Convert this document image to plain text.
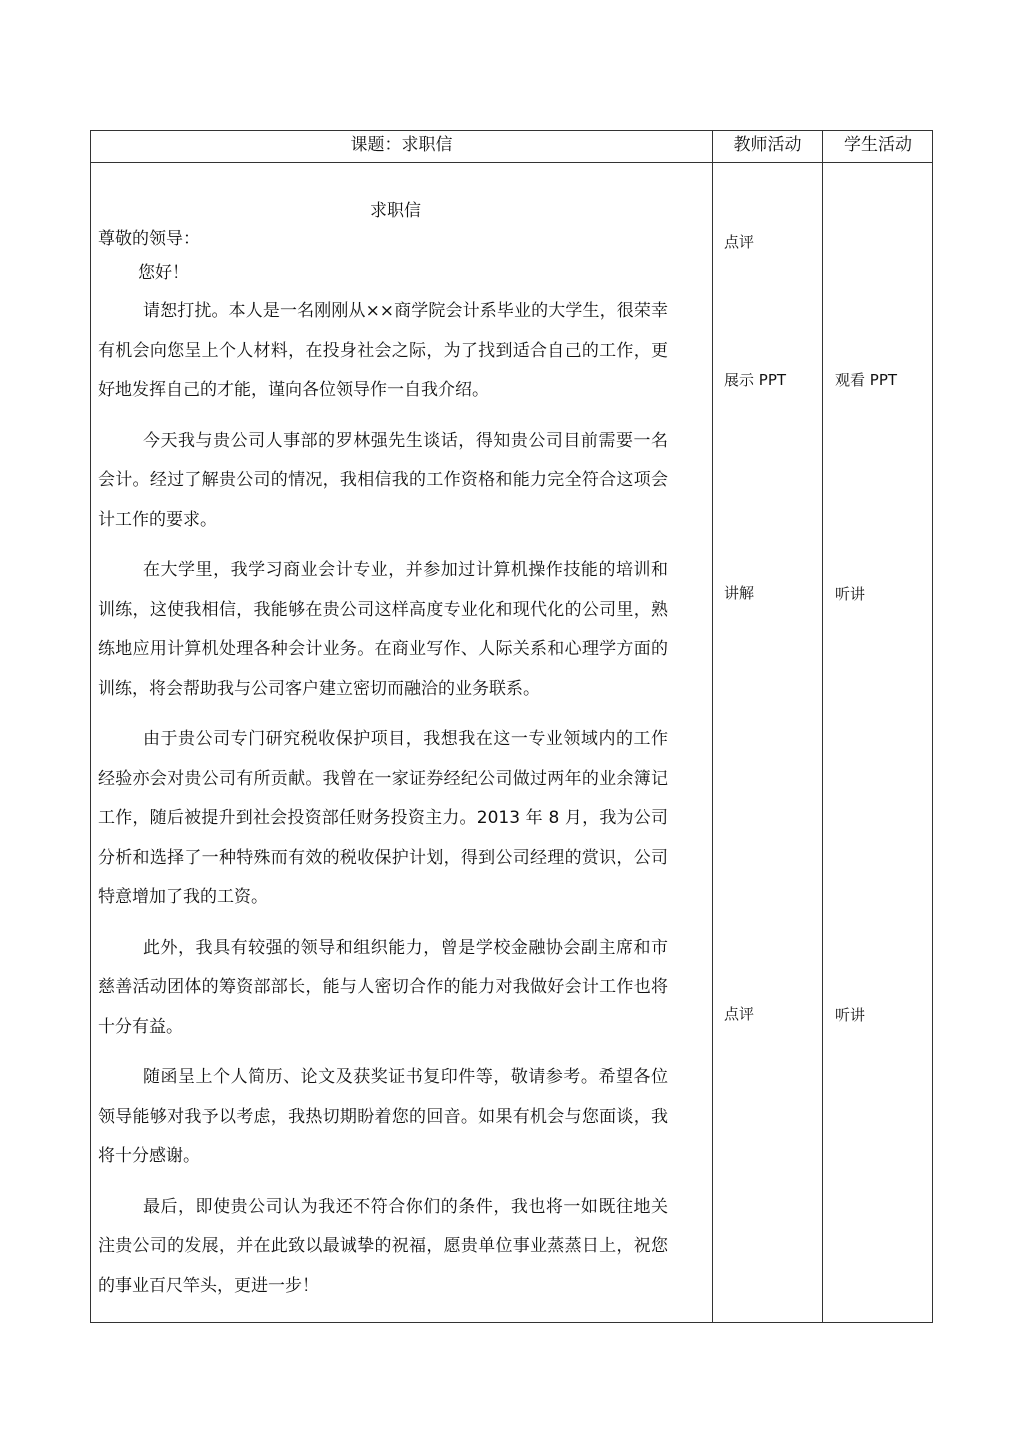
课题：求职信	教师活动	学生活动
求职信
尊敬的领导：

您好！

请恕打扰。本人是一名刚刚从××商学院会计系毕业的大学生，很荣幸有机会向您呈上个人材料，在投身社会之际，为了找到适合自己的工作，更好地发挥自己的才能，谨向各位领导作一自我介绍。

今天我与贵公司人事部的罗林强先生谈话，得知贵公司目前需要一名会计。经过了解贵公司的情况，我相信我的工作资格和能力完全符合这项会计工作的要求。

在大学里，我学习商业会计专业，并参加过计算机操作技能的培训和训练，这使我相信，我能够在贵公司这样高度专业化和现代化的公司里，熟练地应用计算机处理各种会计业务。在商业写作、人际关系和心理学方面的训练，将会帮助我与公司客户建立密切而融洽的业务联系。

由于贵公司专门研究税收保护项目，我想我在这一专业领域内的工作经验亦会对贵公司有所贡献。我曾在一家证券经纪公司做过两年的业余簿记工作，随后被提升到社会投资部任财务投资主力。2013 年 8 月，我为公司分析和选择了一种特殊而有效的税收保护计划，得到公司经理的赏识，公司特意增加了我的工资。

此外，我具有较强的领导和组织能力，曾是学校金融协会副主席和市慈善活动团体的筹资部部长，能与人密切合作的能力对我做好会计工作也将十分有益。

随函呈上个人简历、论文及获奖证书复印件等，敬请参考。希望各位领导能够对我予以考虑，我热切期盼着您的回音。如果有机会与您面谈，我将十分感谢。

最后，即使贵公司认为我还不符合你们的条件，我也将一如既往地关注贵公司的发展，并在此致以最诚挚的祝福，愿贵单位事业蒸蒸日上，祝您的事业百尺竿头，更进一步！

点评
展示 PPT
讲解
点评
观看 PPT
听讲
听讲
